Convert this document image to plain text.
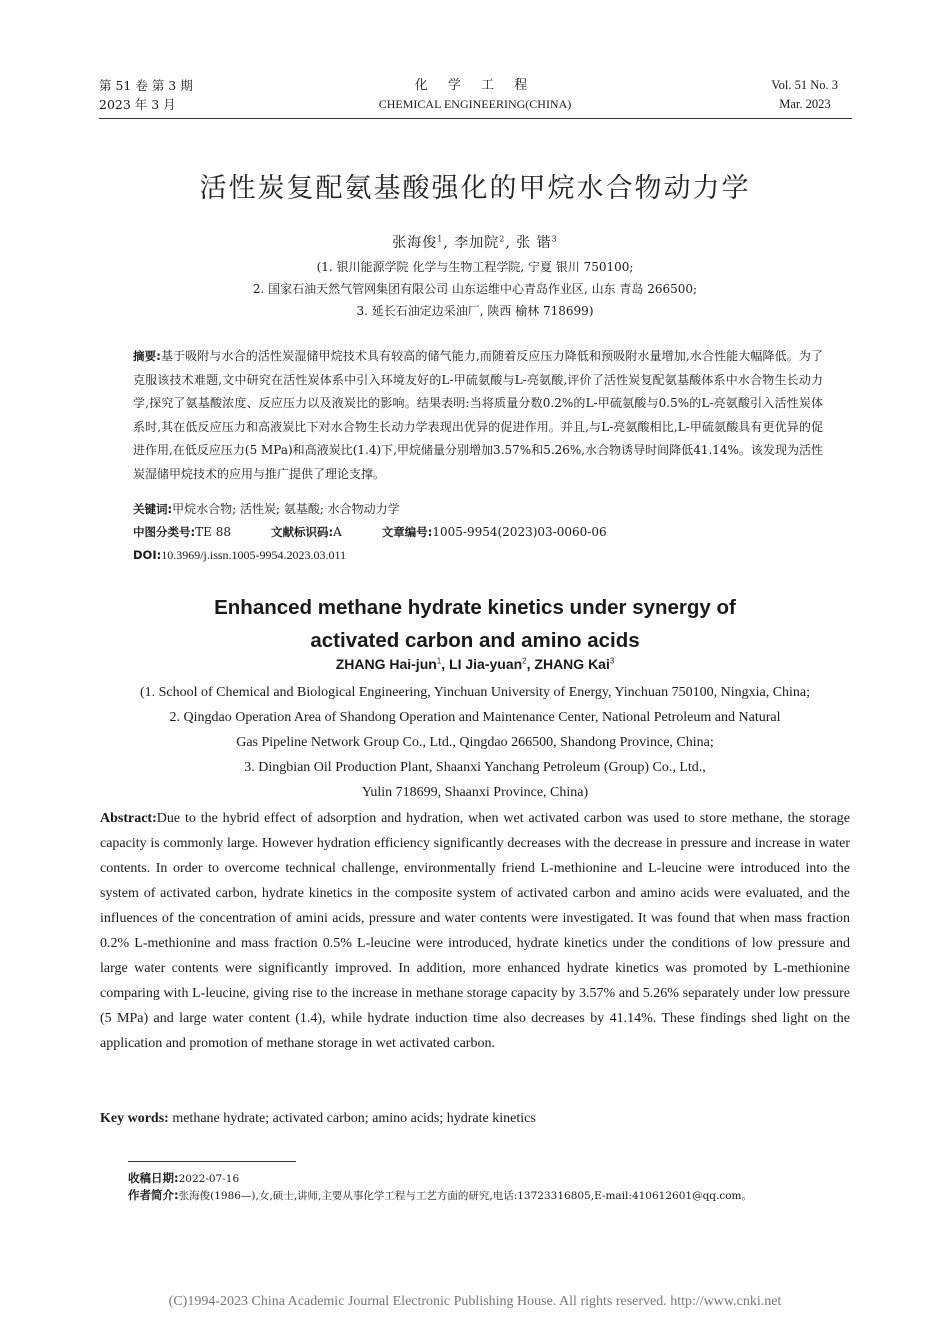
第 51 卷 第 3 期
2023 年 3 月
化 学 工 程
CHEMICAL ENGINEERING(CHINA)
Vol. 51 No. 3
Mar. 2023
活性炭复配氨基酸强化的甲烷水合物动力学
张海俊$^1$, 李加院$^2$, 张 锴$^3$
(1. 银川能源学院 化学与生物工程学院, 宁夏 银川 750100;
2. 国家石油天然气管网集团有限公司 山东运维中心青岛作业区, 山东 青岛 266500;
3. 延长石油定边采油厂, 陕西 榆林 718699)
摘要:基于吸附与水合的活性炭湿储甲烷技术具有较高的储气能力,而随着反应压力降低和预吸附水量增加,水合性能大幅降低。为了克服该技术难题,文中研究在活性炭体系中引入环境友好的L-甲硫氨酸与L-亮氨酸,评价了活性炭复配氨基酸体系中水合物生长动力学,探究了氨基酸浓度、反应压力以及液炭比的影响。结果表明:当将质量分数0.2%的L-甲硫氨酸与0.5%的L-亮氨酸引入活性炭体系时,其在低反应压力和高液炭比下对水合物生长动力学表现出优异的促进作用。并且,与L-亮氨酸相比,L-甲硫氨酸具有更优异的促进作用,在低反应压力(5 MPa)和高液炭比(1.4)下,甲烷储量分别增加3.57%和5.26%,水合物诱导时间降低41.14%。该发现为活性炭湿储甲烷技术的应用与推广提供了理论支撑。
关键词:甲烷水合物; 活性炭; 氨基酸; 水合物动力学
中图分类号:TE 88	文献标识码:A	文章编号:1005-9954(2023)03-0060-06
DOI:10.3969/j.issn.1005-9954.2023.03.011
Enhanced methane hydrate kinetics under synergy of
activated carbon and amino acids
ZHANG Hai-jun$^1$, LI Jia-yuan$^2$, ZHANG Kai$^3$
(1. School of Chemical and Biological Engineering, Yinchuan University of Energy, Yinchuan 750100, Ningxia, China;
2. Qingdao Operation Area of Shandong Operation and Maintenance Center, National Petroleum and Natural
Gas Pipeline Network Group Co., Ltd., Qingdao 266500, Shandong Province, China;
3. Dingbian Oil Production Plant, Shaanxi Yanchang Petroleum (Group) Co., Ltd.,
Yulin 718699, Shaanxi Province, China)
Abstract:Due to the hybrid effect of adsorption and hydration, when wet activated carbon was used to store methane, the storage capacity is commonly large. However hydration efficiency significantly decreases with the decrease in pressure and increase in water contents. In order to overcome technical challenge, environmentally friend L-methionine and L-leucine were introduced into the system of activated carbon, hydrate kinetics in the composite system of activated carbon and amino acids were evaluated, and the influences of the concentration of amini acids, pressure and water contents were investigated. It was found that when mass fraction 0.2% L-methionine and mass fraction 0.5% L-leucine were introduced, hydrate kinetics under the conditions of low pressure and large water contents were significantly improved. In addition, more enhanced hydrate kinetics was promoted by L-methionine comparing with L-leucine, giving rise to the increase in methane storage capacity by 3.57% and 5.26% separately under low pressure (5 MPa) and large water content (1.4), while hydrate induction time also decreases by 41.14%. These findings shed light on the application and promotion of methane storage in wet activated carbon.
Key words: methane hydrate; activated carbon; amino acids; hydrate kinetics
收稿日期:2022-07-16
作者简介:张海俊(1986—),女,硕士,讲师,主要从事化学工程与工艺方面的研究,电话:13723316805,E-mail:410612601@qq.com。
(C)1994-2023 China Academic Journal Electronic Publishing House. All rights reserved. http://www.cnki.net
